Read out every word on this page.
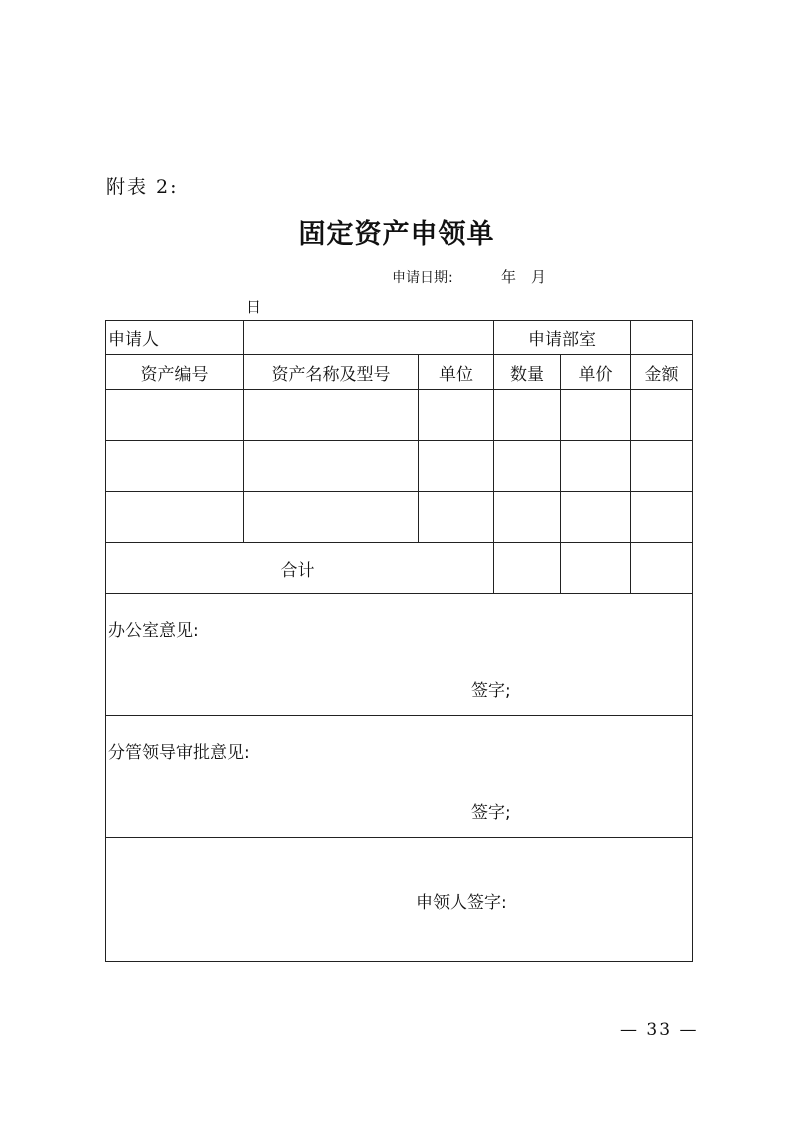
附表 2:
固定资产申领单
申请日期:	年 月
日
申请人			申请部室		
资产编号	资产名称及型号	单位	数量	单价	金额

合计					

办公室意见:
签字;					

分管领导审批意见:
签字;					

申领人签字:					
— 33 —
